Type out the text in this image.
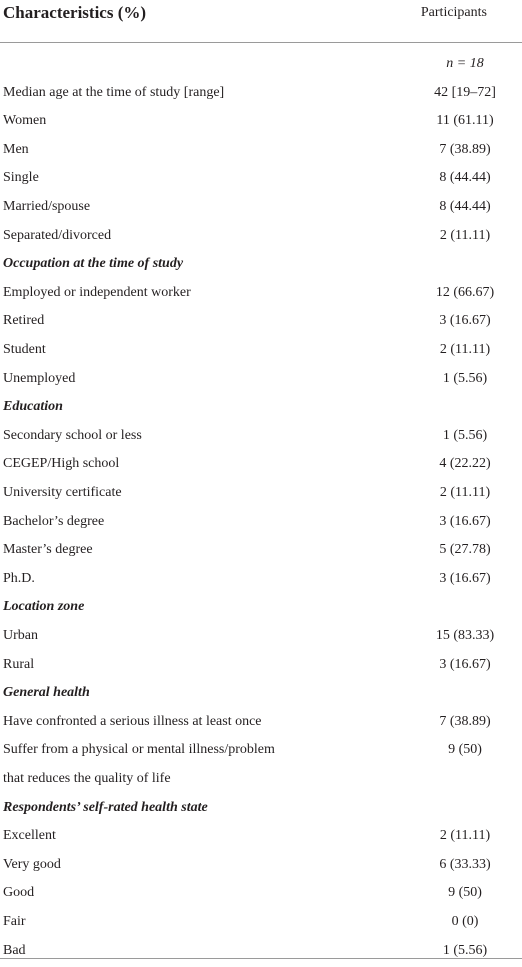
Characteristics (%)	Participants
n = 18
Median age at the time of study [range]	42 [19–72]
Women	11 (61.11)
Men	7 (38.89)
Single	8 (44.44)
Married/spouse	8 (44.44)
Separated/divorced	2 (11.11)
Occupation at the time of study
Employed or independent worker	12 (66.67)
Retired	3 (16.67)
Student	2 (11.11)
Unemployed	1 (5.56)
Education
Secondary school or less	1 (5.56)
CEGEP/High school	4 (22.22)
University certificate	2 (11.11)
Bachelor’s degree	3 (16.67)
Master’s degree	5 (27.78)
Ph.D.	3 (16.67)
Location zone
Urban	15 (83.33)
Rural	3 (16.67)
General health
Have confronted a serious illness at least once	7 (38.89)
Suffer from a physical or mental illness/problem	9 (50)
that reduces the quality of life
Respondents’ self-rated health state
Excellent	2 (11.11)
Very good	6 (33.33)
Good	9 (50)
Fair	0 (0)
Bad	1 (5.56)
